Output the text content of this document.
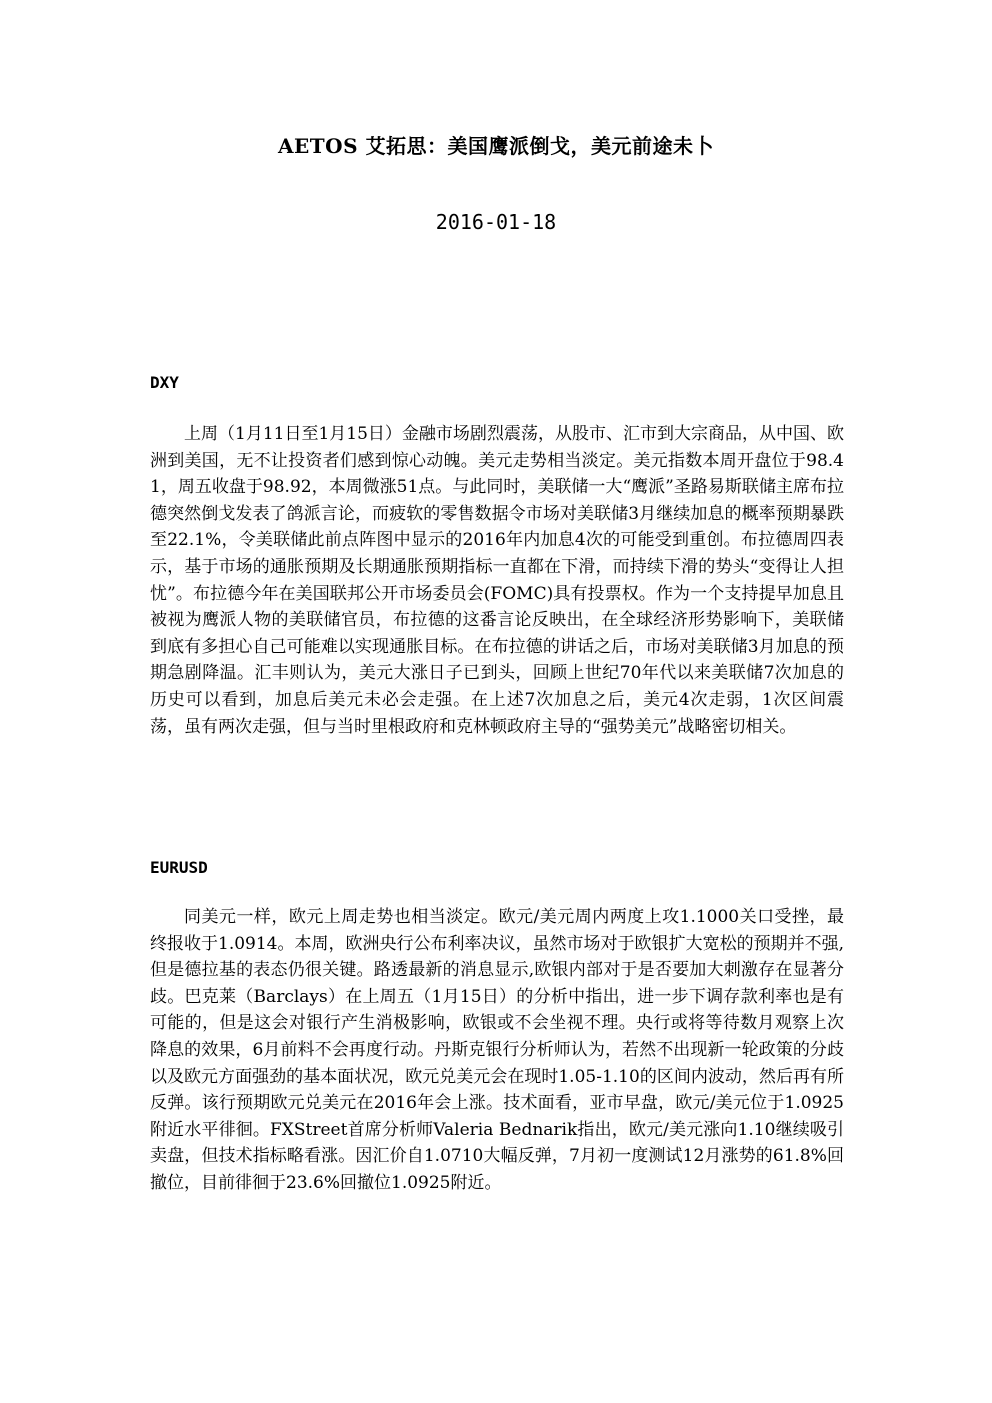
AETOS 艾拓思：美国鹰派倒戈，美元前途未卜
2016-01-18
DXY

上周（1月11日至1月15日）金融市场剧烈震荡，从股市、汇市到大宗商品，从中国、欧洲到美国，无不让投资者们感到惊心动魄。美元走势相当淡定。美元指数本周开盘位于98.41，周五收盘于98.92，本周微涨51点。与此同时，美联储一大“鹰派”圣路易斯联储主席布拉德突然倒戈发表了鸽派言论，而疲软的零售数据令市场对美联储3月继续加息的概率预期暴跌至22.1%，令美联储此前点阵图中显示的2016年内加息4次的可能受到重创。布拉德周四表示，基于市场的通胀预期及长期通胀预期指标一直都在下滑，而持续下滑的势头“变得让人担忧”。布拉德今年在美国联邦公开市场委员会(FOMC)具有投票权。作为一个支持提早加息且被视为鹰派人物的美联储官员，布拉德的这番言论反映出，在全球经济形势影响下，美联储到底有多担心自己可能难以实现通胀目标。在布拉德的讲话之后，市场对美联储3月加息的预期急剧降温。汇丰则认为，美元大涨日子已到头，回顾上世纪70年代以来美联储7次加息的历史可以看到，加息后美元未必会走强。在上述7次加息之后，美元4次走弱，1次区间震荡，虽有两次走强，但与当时里根政府和克林顿政府主导的“强势美元”战略密切相关。

EURUSD

同美元一样，欧元上周走势也相当淡定。欧元/美元周内两度上攻1.1000关口受挫，最终报收于1.0914。本周，欧洲央行公布利率决议，虽然市场对于欧银扩大宽松的预期并不强,但是德拉基的表态仍很关键。路透最新的消息显示,欧银内部对于是否要加大刺激存在显著分歧。巴克莱（Barclays）在上周五（1月15日）的分析中指出，进一步下调存款利率也是有可能的，但是这会对银行产生消极影响，欧银或不会坐视不理。央行或将等待数月观察上次降息的效果，6月前料不会再度行动。丹斯克银行分析师认为，若然不出现新一轮政策的分歧以及欧元方面强劲的基本面状况，欧元兑美元会在现时1.05-1.10的区间内波动，然后再有所反弹。该行预期欧元兑美元在2016年会上涨。技术面看，亚市早盘，欧元/美元位于1.0925附近水平徘徊。FXStreet首席分析师Valeria Bednarik指出，欧元/美元涨向1.10继续吸引卖盘，但技术指标略看涨。因汇价自1.0710大幅反弹，7月初一度测试12月涨势的61.8%回撤位，目前徘徊于23.6%回撤位1.0925附近。
